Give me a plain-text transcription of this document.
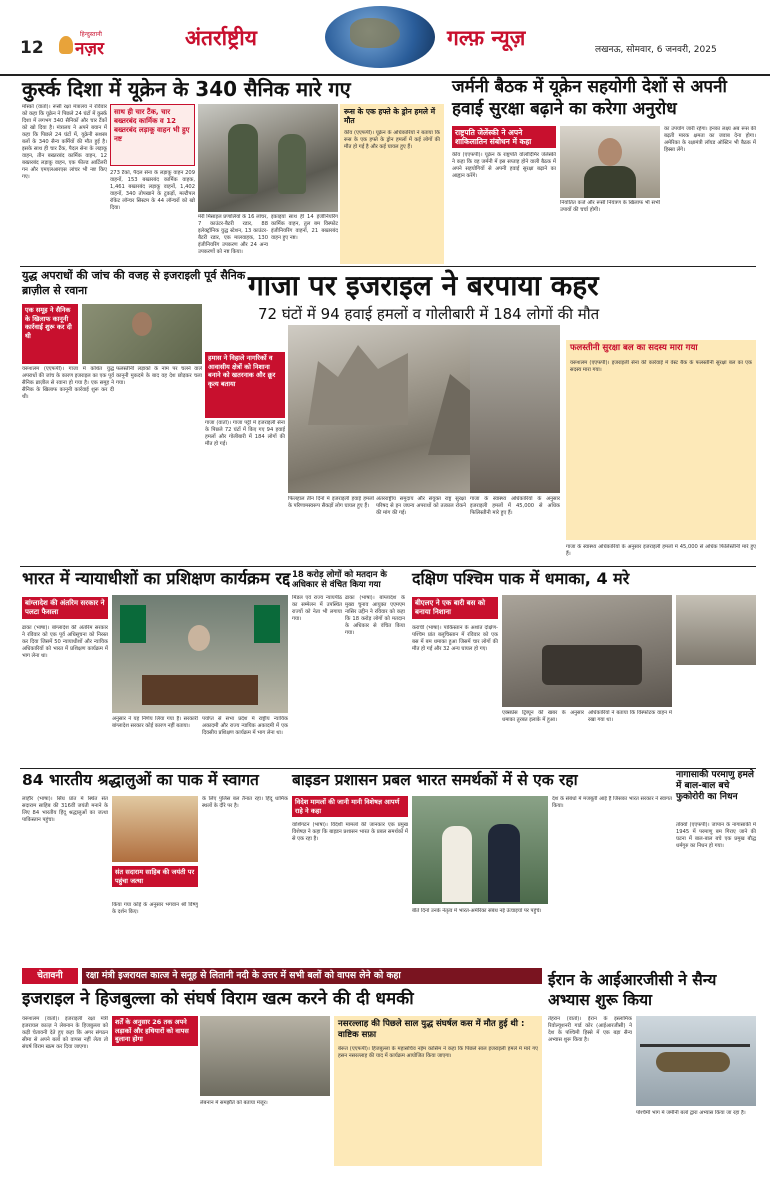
12
हिन्दुस्तानी
नज़र	अंतर्राष्ट्रीय	गल्फ़ न्यूज़	लखनऊ, सोमवार, 6 जनवरी, 2025
कुर्स्क दिशा में यूक्रेन के 340 सैनिक मारे गए
मॉस्को (वार्ता)। रूसी रक्षा मंत्रालय ने रविवार को कहा कि यूक्रेन ने पिछले 24 घंटों में कुर्स्क दिशा में लगभग 340 सैनिकों और चार टैंकों को खो दिया है। मंत्रालय ने अपने बयान में कहा कि पिछले 24 घंटों में, यूक्रेनी सशस्त्र बलों के 340 सैन्य कर्मियों की मौत हुई है। इसके साथ ही चार टैंक, पैदल सेना के लड़ाकू वाहन, तीन बख्तरबंद कार्मिक वाहन, 12 बख्तरबंद लड़ाकू वाहन, एक फील्ड आर्टिलरी गन और एमएलआरएस लांचर भी नष्ट किए गए।
साथ ही चार टैंक, चार बख्तरबंद कार्मिक व 12 बख्तरबंद लड़ाकू वाहन भी हुए नष्ट
273 टैंकों, पैदल सेना के लड़ाकू वाहन 209 वाहनों, 153 बख्तरबंद कार्मिक वाहक, 1,461 बख्तरबंद लड़ाकू वाहनों, 1,402 वाहनों, 340 तोपखाने के टुकड़ों, मल्टीपल रॉकेट लॉन्चर सिस्टम के 44 लॉन्चरों को खो दिया।
मेरी मिसाइल प्रणालियों के 16 लांचर, 7 काउंटर-बैटरी रडार, 88 इलेक्ट्रॉनिक युद्ध स्टेशन, 13 काउंटर-बैटरी रडार, एक मालवाहक, 130 इंजीनियरिंग उपकरण और 24 अन्य उपकरणों को नष्ट किया।
इकाइयां साथ ही 14 इंजीनियरिंग कार्मिक वाहन, तुल बम विस्फोट इंजीनियरिंग वाहनों, 21 बख्तरबंद वाहन हुए नष्ट।
रूस के एक हफ्ते के ड्रोन हमले में मौत
कीव (एएफपी)। यूक्रेन के अधिकारियों ने बताया कि रूस के एक हफ्ते के ड्रोन हमलों में कई लोगों की मौत हो गई है और कई घायल हुए हैं।
जर्मनी बैठक में यूक्रेन सहयोगी देशों से अपनी हवाई सुरक्षा बढ़ाने का करेगा अनुरोध
राष्ट्रपति जेलेंस्की ने अपने शाकिलातिन संबोधन में कहा
कीव (एएफपी)। यूक्रेन के राष्ट्रपति वोलोदिमिर जेलेंस्की ने कहा कि वह जर्मनी में इस सप्ताह होने वाली बैठक में अपने सहयोगियों से अपनी हवाई सुरक्षा बढ़ाने का आह्वान करेंगे।
निर्यातित कर्ज और रूसी नियंत्रण के खिलाफ भी सभी उपायों की चर्चा होगी।
का उपयोग जारी रहेगा। इनका लक्ष्य अब रूस की बढ़ती मारक क्षमता का जवाब देना होगा। अमेरिका के रक्षामंत्री लॉयड ऑस्टिन भी बैठक में हिस्सा लेंगे।
युद्ध अपराधों की जांच की वजह से इजराइली पूर्व सैनिक ब्राज़ील से रवाना	गाजा पर इजराइल ने बरपाया कहर
72 घंटों में 94 हवाई हमलों व गोलीबारी में 184 लोगों की मौत
एक समूह ने सैनिक के खिलाफ कानूनी कार्रवाई शुरू कर दी थी
यरूशलम (एएफपी)। गाजा में कथित युद्ध अपराधों की जांच के कारण इजराइल का एक पूर्व सैनिक ब्राज़ील से रवाना हो गया है। एक समूह ने सैनिक के खिलाफ कानूनी कार्रवाई शुरू कर दी थी।
फलस्तीनी लड़ाकों के नाम पर चलने वाले कानूनी मुकदमे के बाद वह देश छोड़कर चला गया।
हमास ने विहाले नागरिकों व आवासीय क्षेत्रों को निशाना बनाने को खतरनाक और क्रूर कृत्य बताया
गाजा (वार्ता)। गाजा पट्टी में इजराइली सेना के पिछले 72 घंटों में किए गए 94 हवाई हमलों और गोलीबारी में 184 लोगों की मौत हो गई।
फिलहाल तीन दिनों में इजराइली हवाई हमलों के परिणामस्वरूप सैकड़ों लोग घायल हुए हैं।
अंतरराष्ट्रीय समुदाय और संयुक्त राष्ट्र सुरक्षा परिषद से इन जघन्य अपराधों को तत्काल रोकने की मांग की गई।
गाजा के स्वास्थ्य अधिकारियों के अनुसार इजराइली हमलों में 45,000 से अधिक फिलिस्तीनी मारे हुए हैं।
फलस्तीनी सुरक्षा बल का सदस्य मारा गया
यरूशलम (एएफपी)। इजराइली सेना की कार्रवाई में वेस्ट बैंक के फलस्तीनी सुरक्षा बल का एक सदस्य मारा गया।
गाजा के स्वास्थ्य अधिकारियों के अनुसार इजराइली हमलों में 45,000 से अधिक फिलिस्तीनी मारे हुए हैं।
भारत में न्यायाधीशों का प्रशिक्षण कार्यक्रम रद्द
बांग्लादेश की अंतरिम सरकार ने पलटा फैसला
ढाका (भाषा)। बांग्लादेश की अंतरिम सरकार ने रविवार को एक पूर्व अधिसूचना को निरस्त कर दिया जिसमें 50 न्यायाधीशों और न्यायिक अधिकारियों को भारत में प्रशिक्षण कार्यक्रम में भाग लेना था।
अनुसार ने यह निर्णय लिया गया है। सरकारी बांग्लादेश सरकार कोई कारण नहीं बताया।
पर्याप्त से सभा प्रदेश में राष्ट्रीय न्यायिक अकादमी और राज्य न्यायिक अकादमी में एक दिवसीय प्रशिक्षण कार्यक्रम में भाग लेना था।
18 करोड़ लोगों को मतदान के अधिकार से वंचित किया गया
मिडल एवं राज्य न्यायपीठ का सम्मेलन में उपस्थित राज्यों को नेता भी लगाया गया।
ढाका (भाषा)। बांग्लादेश के मुख्य चुनाव आयुक्त एएमएम नासिर उद्दीन ने रविवार को कहा कि 18 करोड़ लोगों को मतदान के अधिकार से वंचित किया गया।
दक्षिण पश्चिम पाक में धमाका, 4 मरे
बीएलए ने एक बारी बस को बनाया निशाना
कराची (भाषा)। पाकिस्तान के अशांत दक्षिण-पश्चिम प्रांत बलूचिस्तान में रविवार को एक बस में बम धमाका हुआ जिसमें चार लोगों की मौत हो गई और 32 अन्य घायल हो गए।
एक्सप्रेस ट्रिब्यून की खबर के अनुसार धमाका तुरबत इलाके में हुआ।
अधिकारियों ने बताया कि विस्फोटक वाहन में रखा गया था।
84 भारतीय श्रद्धालुओं का पाक में स्वागत
लाहौर (भाषा)। सिंध प्रांत में स्थित संत सदाराम साहिब की 316वीं जयंती मनाने के लिए 84 भारतीय हिंदू श्रद्धालुओं का जत्था पाकिस्तान पहुंचा।
संत सदाराम साहिब की जयंती पर पहुंचा जत्था
किया गया कोई के अनुसार भगवान श्री विष्णु के दर्शन किए।
के लिए पुलिस बल तैनात रहा। हिंदू धार्मिक स्थलों के दौरे पर है।
बाइडन प्रशासन प्रबल भारत समर्थकों में से एक रहा
विदेश मामलों की जानी मानी विशेषज्ञ आपर्ण राहे ने कहा
वाशिंगटन (भाषा)। विदेशी मामलों की जानकार एक प्रमुख विशेषज्ञ ने कहा कि बाइडन प्रशासन भारत के प्रबल समर्थकों में से एक रहा है।
बीते दिनों उनके नेतृत्व में भारत-अमेरिका संबंध नई ऊंचाइयों पर पहुंचे।
देश के संबंधों में मजबूती आई है जिसका भारत सरकार ने स्वागत किया।
नागासाकी परमाणु हमले में बाल-बाल बचे फुकोरोरी का निधन
तोक्यो (एएफपी)। जापान के नागासाकी में 1945 में परमाणु बम गिराए जाने की घटना में बाल-बाल बचे एक प्रमुख बौद्ध धर्मगुरु का निधन हो गया।
चेतावनी	रक्षा मंत्री इजरायल कात्ज ने सनूह से लितानी नदी के उत्तर में सभी बलों को वापस लेने को कहा
इजराइल ने हिजबुल्ला को संघर्ष विराम खत्म करने की दी धमकी
यरूशलम (वार्ता)। इजराइली रक्षा मंत्री इजरायल कात्ज़ ने लेबनान के हिजबुल्ला को कड़ी चेतावनी देते हुए कहा कि अगर संगठन सीमा से अपने बलों को वापस नहीं लेता तो संघर्ष विराम खत्म कर दिया जाएगा।
शर्तें के अनुसार 26 तक अपने लड़ाकों और हथियारों को वापस बुलाना होगा
लेबनान में समझौते को बताया मंजूर।
नसरल्लाह की पिछले साल युद्ध संघर्षल कस में मौत हुई थी : वाष्टिक सफ़ा
बेरूत (एएफपी)। हिजबुल्ला के महासचिव नईम कासिम ने कहा कि पिछले साल इजराइली हमले में मारे गए हसन नसरल्लाह की याद में कार्यक्रम आयोजित किया जाएगा।
ईरान के आईआरजीसी ने सैन्य अभ्यास शुरू किया
तेहरान (वार्ता)। ईरान के इस्लामिक रिवोल्यूशनरी गार्ड कोर (आईआरजीसी) ने देश के पश्चिमी हिस्से में एक बड़ा सैन्य अभ्यास शुरू किया है।
पश्चिमी भाग में जमीनी बलों द्वारा अभ्यास किया जा रहा है।
